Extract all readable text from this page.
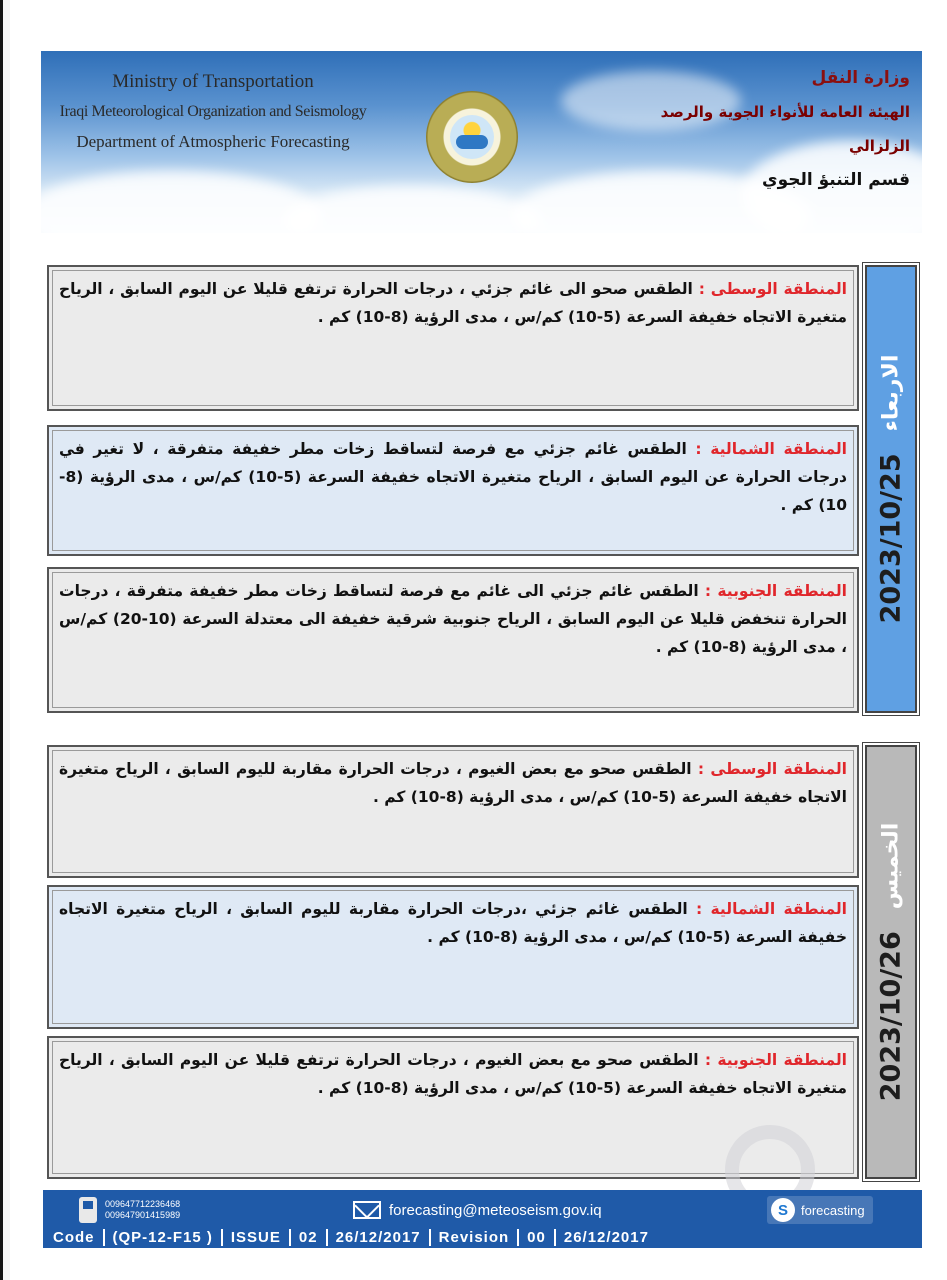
Ministry of Transportation
Iraqi Meteorological Organization and Seismology
Department of Atmospheric Forecasting
وزارة النقل
الهيئة العامة للأنواء الجوية والرصد الزلزالي
قسم التنبؤ الجوي

المنطقة الوسطى : الطقس صحو الى غائم جزئي ، درجات الحرارة ترتفع قليلا عن اليوم السابق ، الرياح متغيرة الاتجاه خفيفة السرعة (5-10) كم/س ، مدى الرؤية (8-10) كم .

المنطقة الشمالية : الطقس غائم جزئي مع فرصة لتساقط زخات مطر خفيفة متفرقة ، لا تغير في درجات الحرارة عن اليوم السابق ، الرياح متغيرة الاتجاه خفيفة السرعة (5-10) كم/س ، مدى الرؤية (8-10) كم .

المنطقة الجنوبية : الطقس غائم جزئي الى غائم مع فرصة لتساقط زخات مطر خفيفة متفرقة ، درجات الحرارة تنخفض قليلا عن اليوم السابق ، الرياح جنوبية شرقية خفيفة الى معتدلة السرعة (10-20) كم/س ، مدى الرؤية (8-10) كم .

2023/10/25
الاربعاء

المنطقة الوسطى : الطقس صحو مع بعض الغيوم ، درجات الحرارة مقاربة لليوم السابق ، الرياح متغيرة الاتجاه خفيفة السرعة (5-10) كم/س ، مدى الرؤية (8-10) كم .

المنطقة الشمالية : الطقس غائم جزئي ،درجات الحرارة مقاربة لليوم السابق ، الرياح متغيرة الاتجاه خفيفة السرعة (5-10) كم/س ، مدى الرؤية (8-10) كم .

المنطقة الجنوبية : الطقس صحو مع بعض الغيوم ، درجات الحرارة ترتفع قليلا عن اليوم السابق ، الرياح متغيرة الاتجاه خفيفة السرعة (5-10) كم/س ، مدى الرؤية (8-10) كم . 2023/10/26
الخميس
009647712236468
009647901415989	forecasting@meteoseism.gov.iq	S	forecasting
Code	(QP-12-F15 )	ISSUE	02	26/12/2017	Revision	00	26/12/2017
